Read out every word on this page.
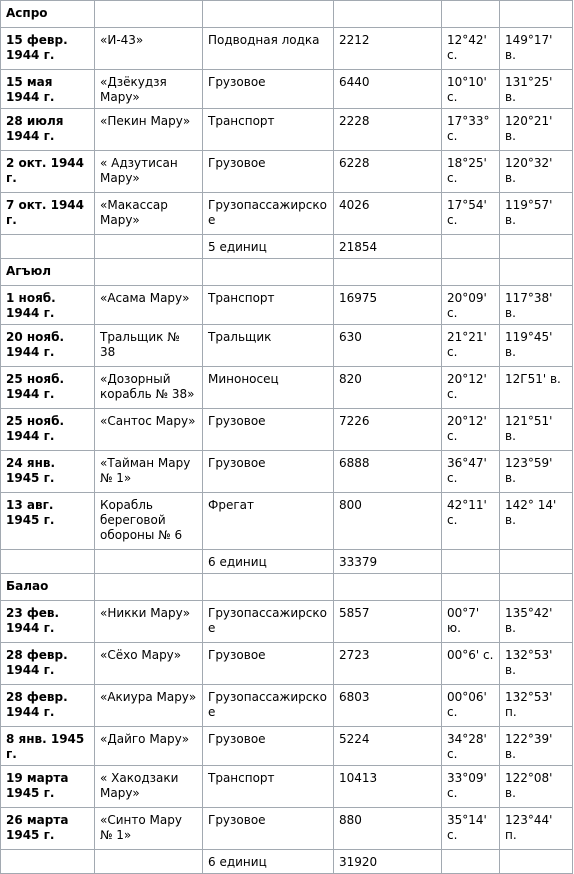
Аспро					
15 февр. 1944 г.	«И-43»	Подводная лодка	2212	12°42' с.	149°17' в.
15 мая 1944 г.	«Дзёкудзя Мару»	Грузовое	6440	10°10' с.	131°25' в.
28 июля 1944 г.	«Пекин Мару»	Транспорт	2228	17°33° с.	120°21' в.
2 окт. 1944 г.	« Адзутисан Мару»	Грузовое	6228	18°25' с.	120°32' в.
7 окт. 1944 г.	«Макассар Мару»	Грузопассажирское	4026	17°54' с.	119°57' в.
		5 единиц	21854		
Агъюл					
1 нояб. 1944 г.	«Асама Мару»	Транспорт	16975	20°09' с.	117°38' в.
20 нояб. 1944 г.	Тральщик № 38	Тральщик	630	21°21' с.	119°45' в.
25 нояб. 1944 г.	«Дозорный корабль № 38»	Миноносец	820	20°12' с.	12Г51' в.
25 нояб. 1944 г.	«Сантос Мару»	Грузовое	7226	20°12' с.	121°51' в.
24 янв. 1945 г.	«Тайман Мару № 1»	Грузовое	6888	36°47' с.	123°59' в.
13 авг. 1945 г.	Корабль береговой обороны № 6	Фрегат	800	42°11' с.	142° 14' в.
		6 единиц	33379		
Балао					
23 фев. 1944 г.	«Никки Мару»	Грузопассажирское	5857	00°7' ю.	135°42' в.
28 февр. 1944 г.	«Сёхо Мару»	Грузовое	2723	00°6' с.	132°53' в.
28 февр. 1944 г.	«Акиура Мару»	Грузопассажирское	6803	00°06' с.	132°53' п.
8 янв. 1945 г.	«Дайго Мару»	Грузовое	5224	34°28' с.	122°39' в.
19 марта 1945 г.	« Хакодзаки Мару»	Транспорт	10413	33°09' с.	122°08' в.
26 марта 1945 г.	«Синто Мару № 1»	Грузовое	880	35°14' с.	123°44' п.
		6 единиц	31920		
